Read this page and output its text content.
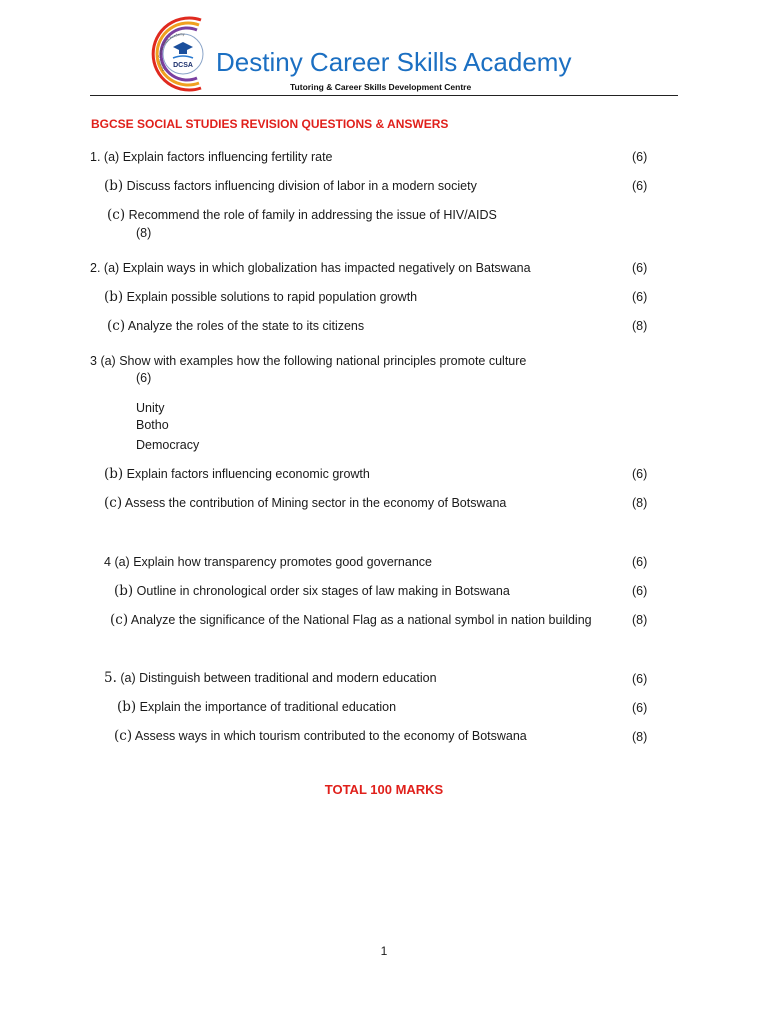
DCSA
Destiny Career Skills Academy
Destiny Career Skills Academy
Tutoring & Career Skills Development Centre
BGCSE SOCIAL STUDIES REVISION QUESTIONS & ANSWERS
1. (a) Explain factors influencing fertility rate	(6)
(b) Discuss factors influencing division of labor in a modern society	(6)
(c) Recommend the role of family in addressing the issue of HIV/AIDS
(8)
2. (a) Explain ways in which globalization has impacted negatively on Batswana	(6)
(b) Explain possible solutions to rapid population growth	(6)
(c) Analyze the roles of the state to its citizens	(8)
3 (a) Show with examples how the following national principles promote culture
(6)
Unity
Botho
Democracy
(b) Explain factors influencing economic growth	(6)
(c) Assess the contribution of Mining sector in the economy of Botswana	(8)
4 (a) Explain how transparency promotes good governance	(6)
(b) Outline in chronological order six stages of law making in Botswana	(6)
(c) Analyze the significance of the National Flag as a national symbol in nation building	(8)
5. (a) Distinguish between traditional and modern education	(6)
(b) Explain the importance of traditional education	(6)
(c) Assess ways in which tourism contributed to the economy of Botswana	(8)
TOTAL 100 MARKS
1
